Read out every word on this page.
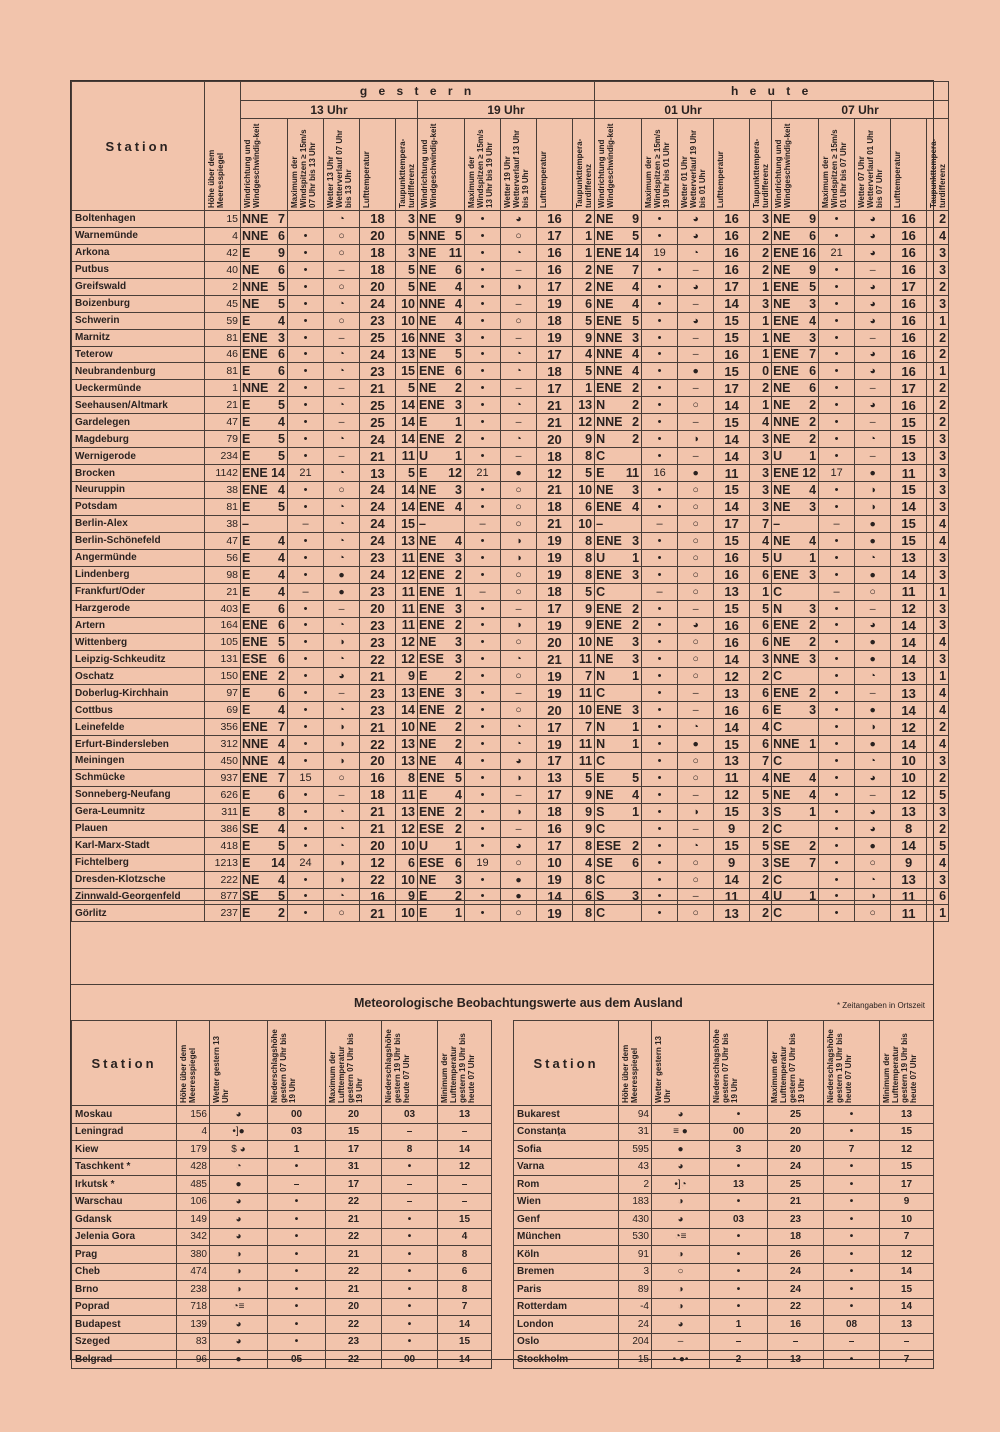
Station	Höhe über dem Meeresspiegel	g e s t e r n										h e u t e									
		13 Uhr					19 Uhr					01 Uhr					07 Uhr				

		Windrichtung und Windgeschwindig-keit	Maximum der Windspitzen ≥ 15m/s 07 Uhr bis 13 Uhr	Wetter 13 Uhr Wetterverlauf 07 Uhr bis 13 Uhr	Lufttemperatur	Taupunkttempera-turdifferenz	Windrichtung und Windgeschwindig-keit	Maximum der Windspitzen ≥ 15m/s 13 Uhr bis 19 Uhr	Wetter 19 Uhr Wetterverlauf 13 Uhr bis 19 Uhr	Lufttemperatur	Taupunkttempera-turdifferenz	Windrichtung und Windgeschwindig-keit	Maximum der Windspitzen ≥ 15m/s 19 Uhr bis 01 Uhr	Wetter 01 Uhr Wetterverlauf 19 Uhr bis 01 Uhr	Lufttemperatur	Taupunkttempera-turdifferenz	Windrichtung und Windgeschwindig-keit	Maximum der Windspitzen ≥ 15m/s 01 Uhr bis 07 Uhr	Wetter 07 Uhr Wetterverlauf 01 Uhr bis 07 Uhr	Lufttemperatur	Taupunkttempera-turdifferenz

Boltenhagen	15	NNE 7		◔	18	3	NE 9	•	◕	16	2	NE 9	•	◕	16	3	NE 9	•	◕	16	2
Warnemünde	4	NNE 6	•	○	20	5	NNE 5	•	○	17	1	NE 5	•	◕	16	2	NE 6	•	◕	16	4
Arkona	42	E 9	•	○	18	3	NE 11	•	◔	16	1	ENE 14	19	◔	16	2	ENE 16	21	◕	16	3
Putbus	40	NE 6	•	–	18	5	NE 6	•	–	16	2	NE 7	•	–	16	2	NE 9	•	–	16	3
Greifswald	2	NNE 5	•	○	20	5	NE 4	•	◑	17	2	NE 4	•	◕	17	1	ENE 5	•	◕	17	2
Boizenburg	45	NE 5	•	◔	24	10	NNE 4	•	–	19	6	NE 4	•	–	14	3	NE 3	•	◕	16	3
Schwerin	59	E 4	•	○	23	10	NE 4	•	○	18	5	ENE 5	•	◕	15	1	ENE 4	•	◕	16	1
Marnitz	81	ENE 3	•	–	25	16	NNE 3	•	–	19	9	NNE 3	•	–	15	1	NE 3	•	–	16	2
Teterow	46	ENE 6	•	◔	24	13	NE 5	•	◔	17	4	NNE 4	•	–	16	1	ENE 7	•	◕	16	2
Neubrandenburg	81	E 6	•	◔	23	15	ENE 6	•	◔	18	5	NNE 4	•	●	15	0	ENE 6	•	◕	16	1
Ueckermünde	1	NNE 2	•	–	21	5	NE 2	•	–	17	1	ENE 2	•	–	17	2	NE 6	•	–	17	2
Seehausen/Altmark	21	E 5	•	◔	25	14	ENE 3	•	◔	21	13	N 2	•	○	14	1	NE 2	•	◕	16	2
Gardelegen	47	E 4	•	–	25	14	E 1	•	–	21	12	NNE 2	•	–	15	4	NNE 2	•	–	15	2
Magdeburg	79	E 5	•	◔	24	14	ENE 2	•	◔	20	9	N 2	•	◑	14	3	NE 2	•	◔	15	3
Wernigerode	234	E 5	•	–	21	11	U 1	•	–	18	8	C	•	–	14	3	U 1	•	–	13	3
Brocken	1142	ENE 14	21	◔	13	5	E 12	21	●	12	5	E 11	16	●	11	3	ENE 12	17	●	11	3
Neuruppin	38	ENE 4	•	○	24	14	NE 3	•	○	21	10	NE 3	•	○	15	3	NE 4	•	◑	15	3
Potsdam	81	E 5	•	◔	24	14	ENE 4	•	○	18	6	ENE 4	•	○	14	3	NE 3	•	◑	14	3
Berlin-Alex	38	–	–	◔	24	15	–	–	○	21	10	–	–	○	17	7	–	–	●	15	4
Berlin-Schönefeld	47	E 4	•	◔	24	13	NE 4	•	◑	19	8	ENE 3	•	○	15	4	NE 4	•	●	15	4
Angermünde	56	E 4	•	◔	23	11	ENE 3	•	◑	19	8	U 1	•	○	16	5	U 1	•	◔	13	3
Lindenberg	98	E 4	•	●	24	12	ENE 2	•	○	19	8	ENE 3	•	○	16	6	ENE 3	•	●	14	3
Frankfurt/Oder	21	E 4	–	●	23	11	ENE 1	–	○	18	5	C	–	○	13	1	C	–	○	11	1
Harzgerode	403	E 6	•	–	20	11	ENE 3	•	–	17	9	ENE 2	•	–	15	5	N 3	•	–	12	3
Artern	164	ENE 6	•	◔	23	11	ENE 2	•	◑	19	9	ENE 2	•	◕	16	6	ENE 2	•	◕	14	3
Wittenberg	105	ENE 5	•	◑	23	12	NE 3	•	○	20	10	NE 3	•	○	16	6	NE 2	•	●	14	4
Leipzig-Schkeuditz	131	ESE 6	•	◔	22	12	ESE 3	•	◔	21	11	NE 3	•	○	14	3	NNE 3	•	●	14	3
Oschatz	150	ENE 2	•	◕	21	9	E 2	•	○	19	7	N 1	•	○	12	2	C	•	◔	13	1
Doberlug-Kirchhain	97	E 6	•	–	23	13	ENE 3	•	–	19	11	C	•	–	13	6	ENE 2	•	–	13	4
Cottbus	69	E 4	•	◔	23	14	ENE 2	•	○	20	10	ENE 3	•	–	16	6	E 3	•	●	14	4
Leinefelde	356	ENE 7	•	◑	21	10	NE 2	•	◔	17	7	N 1	•	◔	14	4	C	•	◑	12	2
Erfurt-Bindersleben	312	NNE 4	•	◑	22	13	NE 2	•	◔	19	11	N 1	•	●	15	6	NNE 1	•	●	14	4
Meiningen	450	NNE 4	•	◑	20	13	NE 4	•	◕	17	11	C	•	○	13	7	C	•	◔	10	3
Schmücke	937	ENE 7	15	○	16	8	ENE 5	•	◑	13	5	E 5	•	○	11	4	NE 4	•	◕	10	2
Sonneberg-Neufang	626	E 6	•	–	18	11	E 4	•	–	17	9	NE 4	•	–	12	5	NE 4	•	–	12	5
Gera-Leumnitz	311	E 8	•	◔	21	13	ENE 2	•	◑	18	9	S 1	•	◑	15	3	S 1	•	◕	13	3
Plauen	386	SE 4	•	◔	21	12	ESE 2	•	–	16	9	C	•	–	9	2	C	•	◕	8	2
Karl-Marx-Stadt	418	E 5	•	◔	20	10	U 1	•	◕	17	8	ESE 2	•	◔	15	5	SE 2	•	●	14	5
Fichtelberg	1213	E 14	24	◑	12	6	ESE 6	19	○	10	4	SE 6	•	○	9	3	SE 7	•	○	9	4
Dresden-Klotzsche	222	NE 4	•	◑	22	10	NE 3	•	●	19	8	C	•	○	14	2	C	•	◔	13	3
Zinnwald-Georgenfeld	877	SE 5	•	◔	16	9	E 2	•	●	14	6	S 3	•	–	11	4	U 1	•	◑	11	6
Görlitz	237	E 2	•	○	21	10	E 1	•	○	19	8	C	•	○	13	2	C	•	○	11	1
Meteorologische Beobachtungswerte aus dem Ausland	* Zeitangaben in Ortszeit
Station	Höhe über dem Meeresspiegel	Wetter gestern 13 Uhr	Niederschlagshöhe gestern 07 Uhr bis 19 Uhr	Maximum der Lufttemperatur gestern 07 Uhr bis 19 Uhr	Niederschlagshöhe gestern 19 Uhr bis heute 07 Uhr	Minimum der Lufttemperatur gestern 19 Uhr bis heute 07 Uhr

Moskau	156	◕	00	20	03	13
Leningrad	4	•]●	03	15	–	–
Kiew	179	$ ◕	1	17	8	14
Taschkent *	428	◔	•	31	•	12
Irkutsk *	485	●	–	17	–	–
Warschau	106	◕	•	22	–	–
Gdansk	149	◕	•	21	•	15
Jelenia Gora	342	◕	•	22	•	4
Prag	380	◑	•	21	•	8
Cheb	474	◑	•	22	•	6
Brno	238	◑	•	21	•	8
Poprad	718	◔≡	•	20	•	7
Budapest	139	◕	•	22	•	14
Szeged	83	◕	•	23	•	15
Belgrad	96	●	05	22	00	14
Station	Höhe über dem Meeresspiegel	Wetter gestern 13 Uhr	Niederschlagshöhe gestern 07 Uhr bis 19 Uhr	Maximum der Lufttemperatur gestern 07 Uhr bis 19 Uhr	Niederschlagshöhe gestern 19 Uhr bis heute 07 Uhr	Minimum der Lufttemperatur gestern 19 Uhr bis heute 07 Uhr

Bukarest	94	◕	•	25	•	13
Constanța	31	≡ ●	00	20	•	15
Sofia	595	●	3	20	7	12
Varna	43	◕	•	24	•	15
Rom	2	•]◔	13	25	•	17
Wien	183	◑	•	21	•	9
Genf	430	◕	03	23	•	10
München	530	◔≡	•	18	•	7
Köln	91	◑	•	26	•	12
Bremen	3	○	•	24	•	14
Paris	89	◑	•	24	•	15
Rotterdam	-4	◑	•	22	•	14
London	24	◕	1	16	08	13
Oslo	204	–	–	–	–	–
Stockholm	15	• ●•	2	13	•	7
